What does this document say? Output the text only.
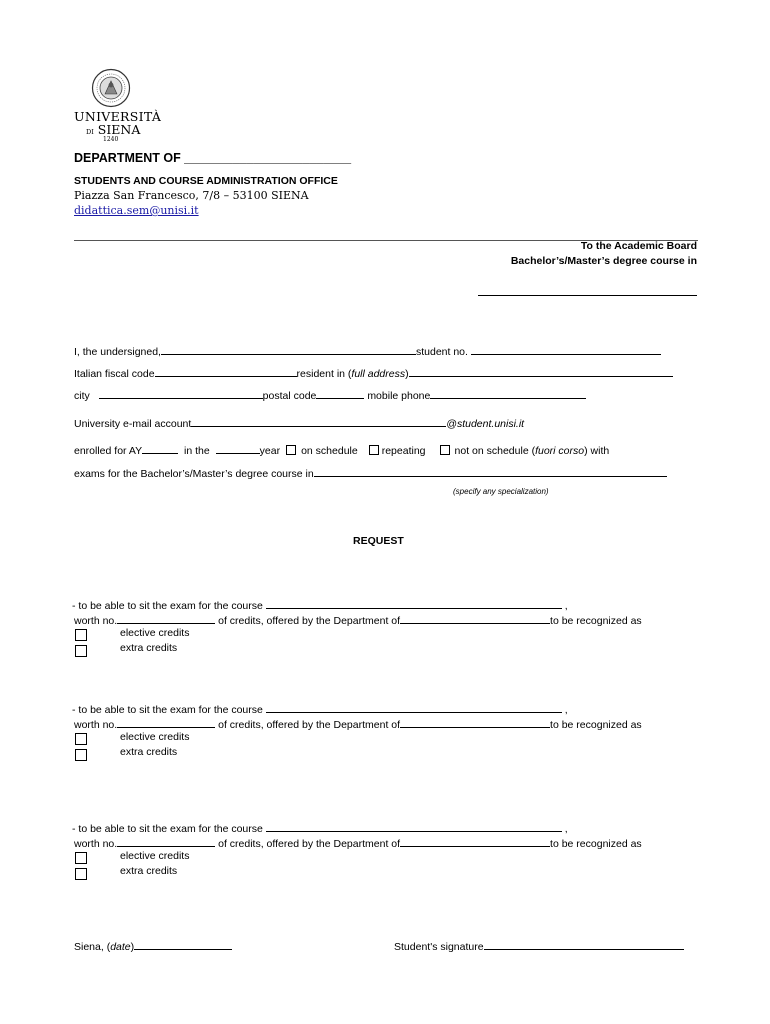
UNIVERSITÀ
DI SIENA
1240
DEPARTMENT OF ________________________
STUDENTS AND COURSE ADMINISTRATION OFFICE
Piazza San Francesco, 7/8 – 53100 SIENA
didattica.sem@unisi.it
To the Academic Board
Bachelor’s/Master’s degree course in
I, the undersigned,	student no.
Italian fiscal code	resident in (full address)
city	postal code	mobile phone
University e-mail account	@student.unisi.it
enrolled for AY	in the	year on schedule repeating	not on schedule (fuori corso) with
exams for the Bachelor’s/Master’s degree course in
(specify any specialization)
REQUEST
- to be able to sit the exam for the course	,
worth no.	of credits, offered by the Department of	to be recognized as
elective credits
extra credits
- to be able to sit the exam for the course	,
worth no.	of credits, offered by the Department of	to be recognized as
elective credits
extra credits
- to be able to sit the exam for the course	,
worth no.	of credits, offered by the Department of	to be recognized as
elective credits
extra credits
Siena, (date)	Student's signature
